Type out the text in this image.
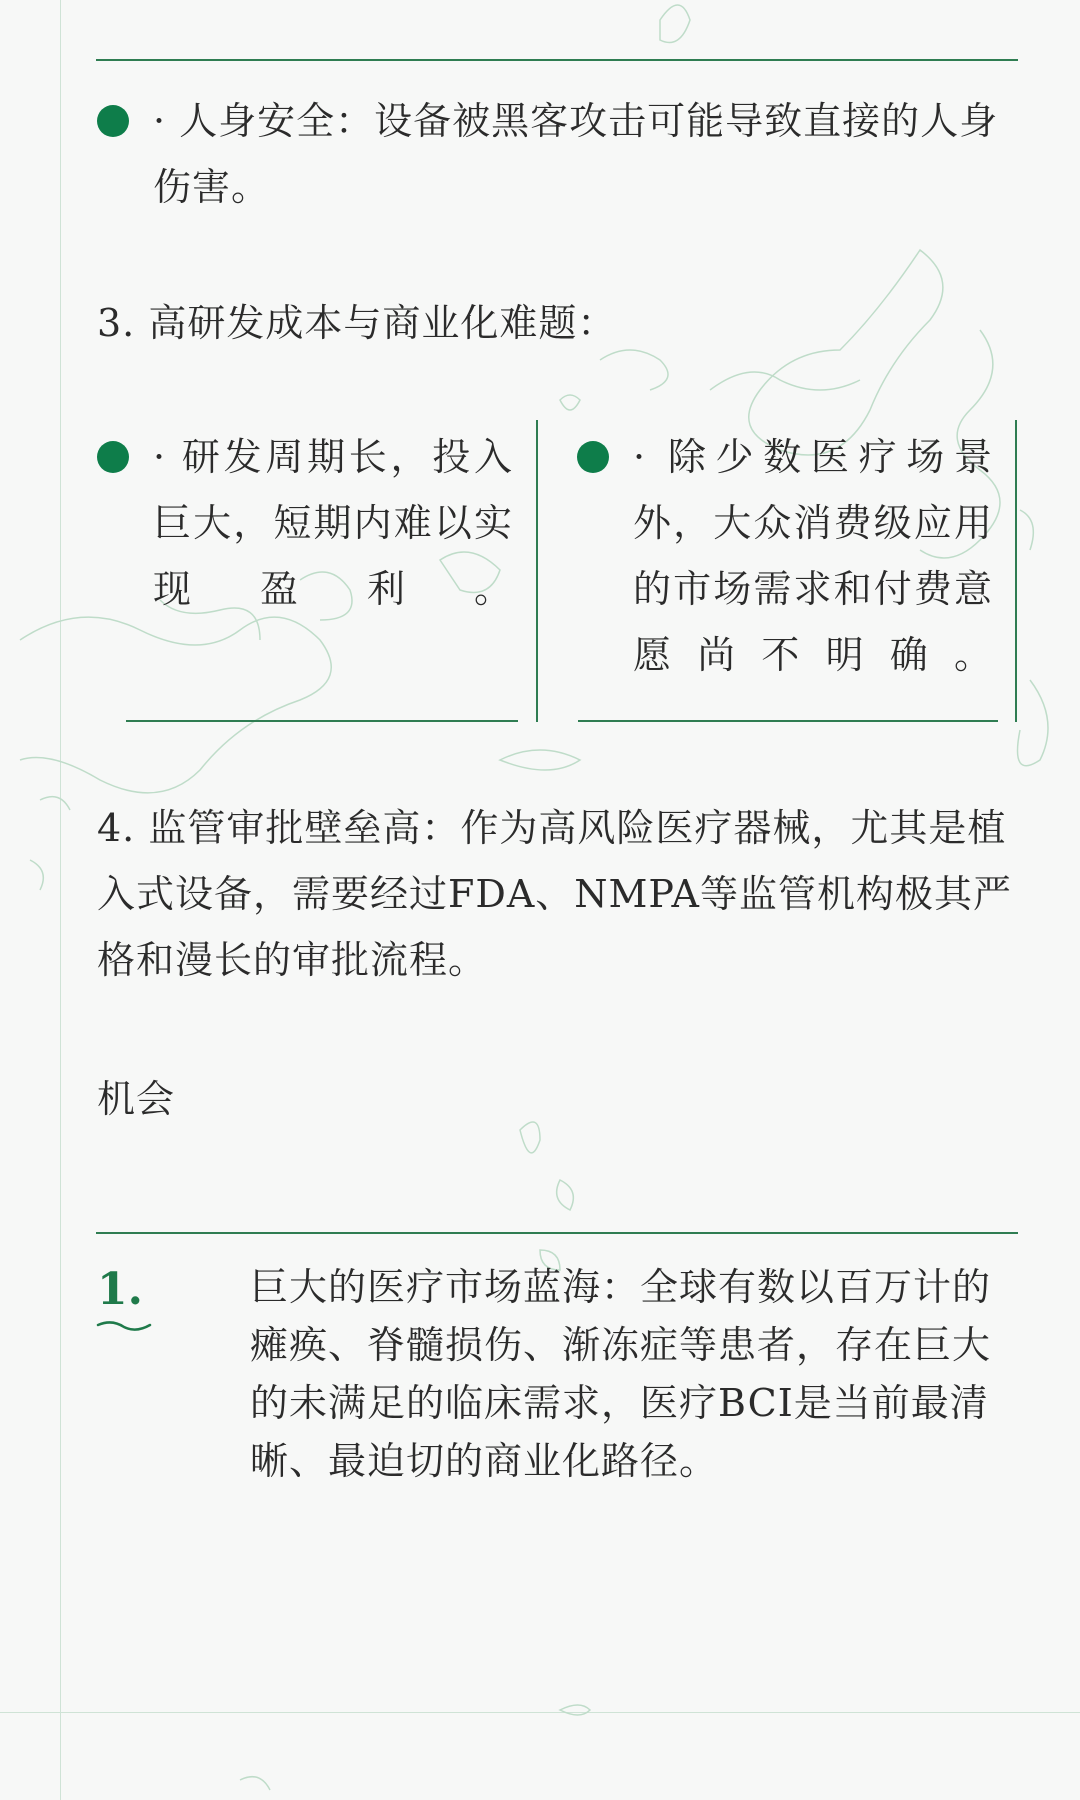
· 人身安全：设备被黑客攻击可能导致直接的人身伤害。

3. 高研发成本与商业化难题：

· 研发周期长，投入巨大，短期内难以实现盈利。

· 除少数医疗场景外，大众消费级应用的市场需求和付费意愿尚不明确。

4. 监管审批壁垒高：作为高风险医疗器械，尤其是植入式设备，需要经过FDA、NMPA等监管机构极其严格和漫长的审批流程。

机会

1.	巨大的医疗市场蓝海：全球有数以百万计的瘫痪、脊髓损伤、渐冻症等患者，存在巨大的未满足的临床需求，医疗BCI是当前最清晰、最迫切的商业化路径。
